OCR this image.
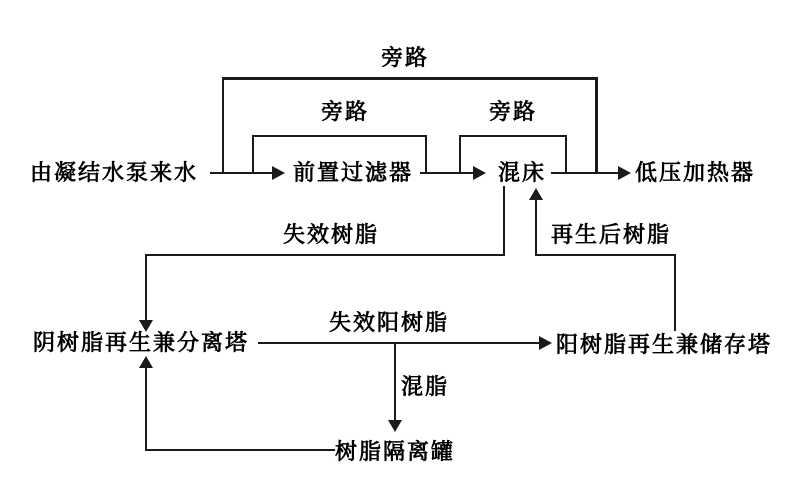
由凝结水泵来水	前置过滤器	混床	低压加热器
阴树脂再生兼分离塔	阳树脂再生兼储存塔
树脂隔离罐
旁路
旁路	旁路
失效树脂	再生后树脂
失效阳树脂
混脂
